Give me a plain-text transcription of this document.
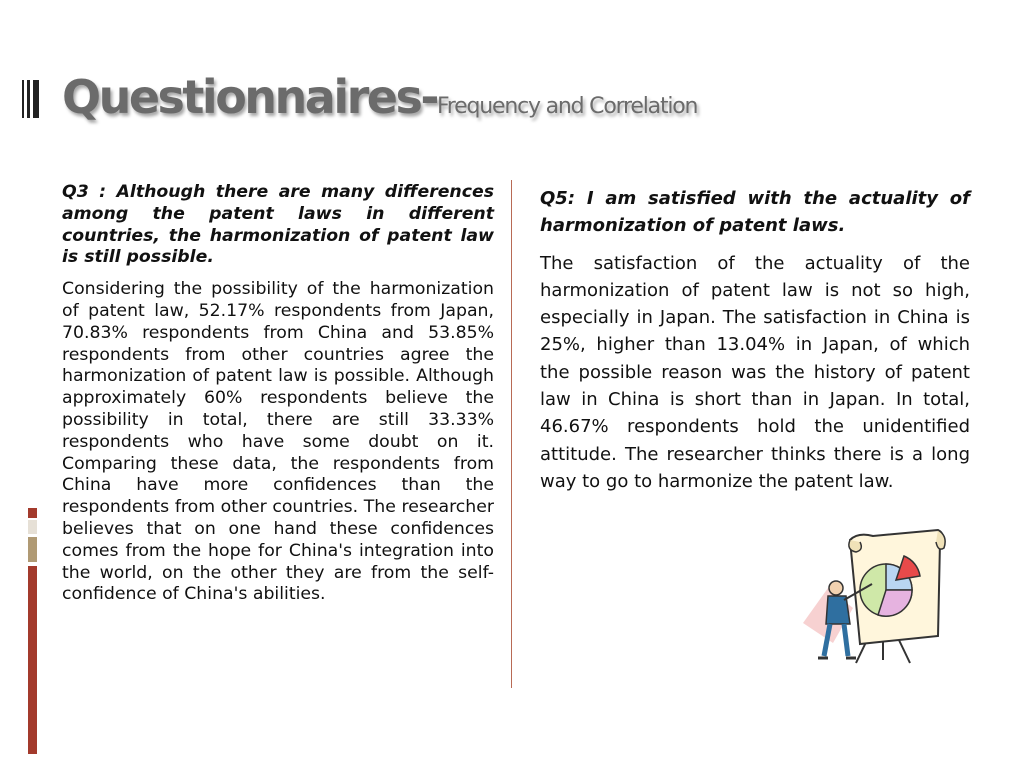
Questionnaires-Frequency and Correlation

Q3 : Although there are many differences among the patent laws in different countries, the harmonization of patent law is still possible.

Considering the possibility of the harmonization of patent law, 52.17% respondents from Japan, 70.83% respondents from China and 53.85% respondents from other countries agree the harmonization of patent law is possible. Although approximately 60% respondents believe the possibility in total, there are still 33.33% respondents who have some doubt on it. Comparing these data, the respondents from China have more confidences than the respondents from other countries. The researcher believes that on one hand these confidences comes from the hope for China's integration into the world, on the other they are from the self-confidence of China's abilities.

Q5: I am satisfied with the actuality of harmonization of patent laws.

The satisfaction of the actuality of the harmonization of patent law is not so high, especially in Japan. The satisfaction in China is 25%, higher than 13.04% in Japan, of which the possible reason was the history of patent law in China is short than in Japan. In total, 46.67% respondents hold the unidentified attitude. The researcher thinks there is a long way to go to harmonize the patent law.
